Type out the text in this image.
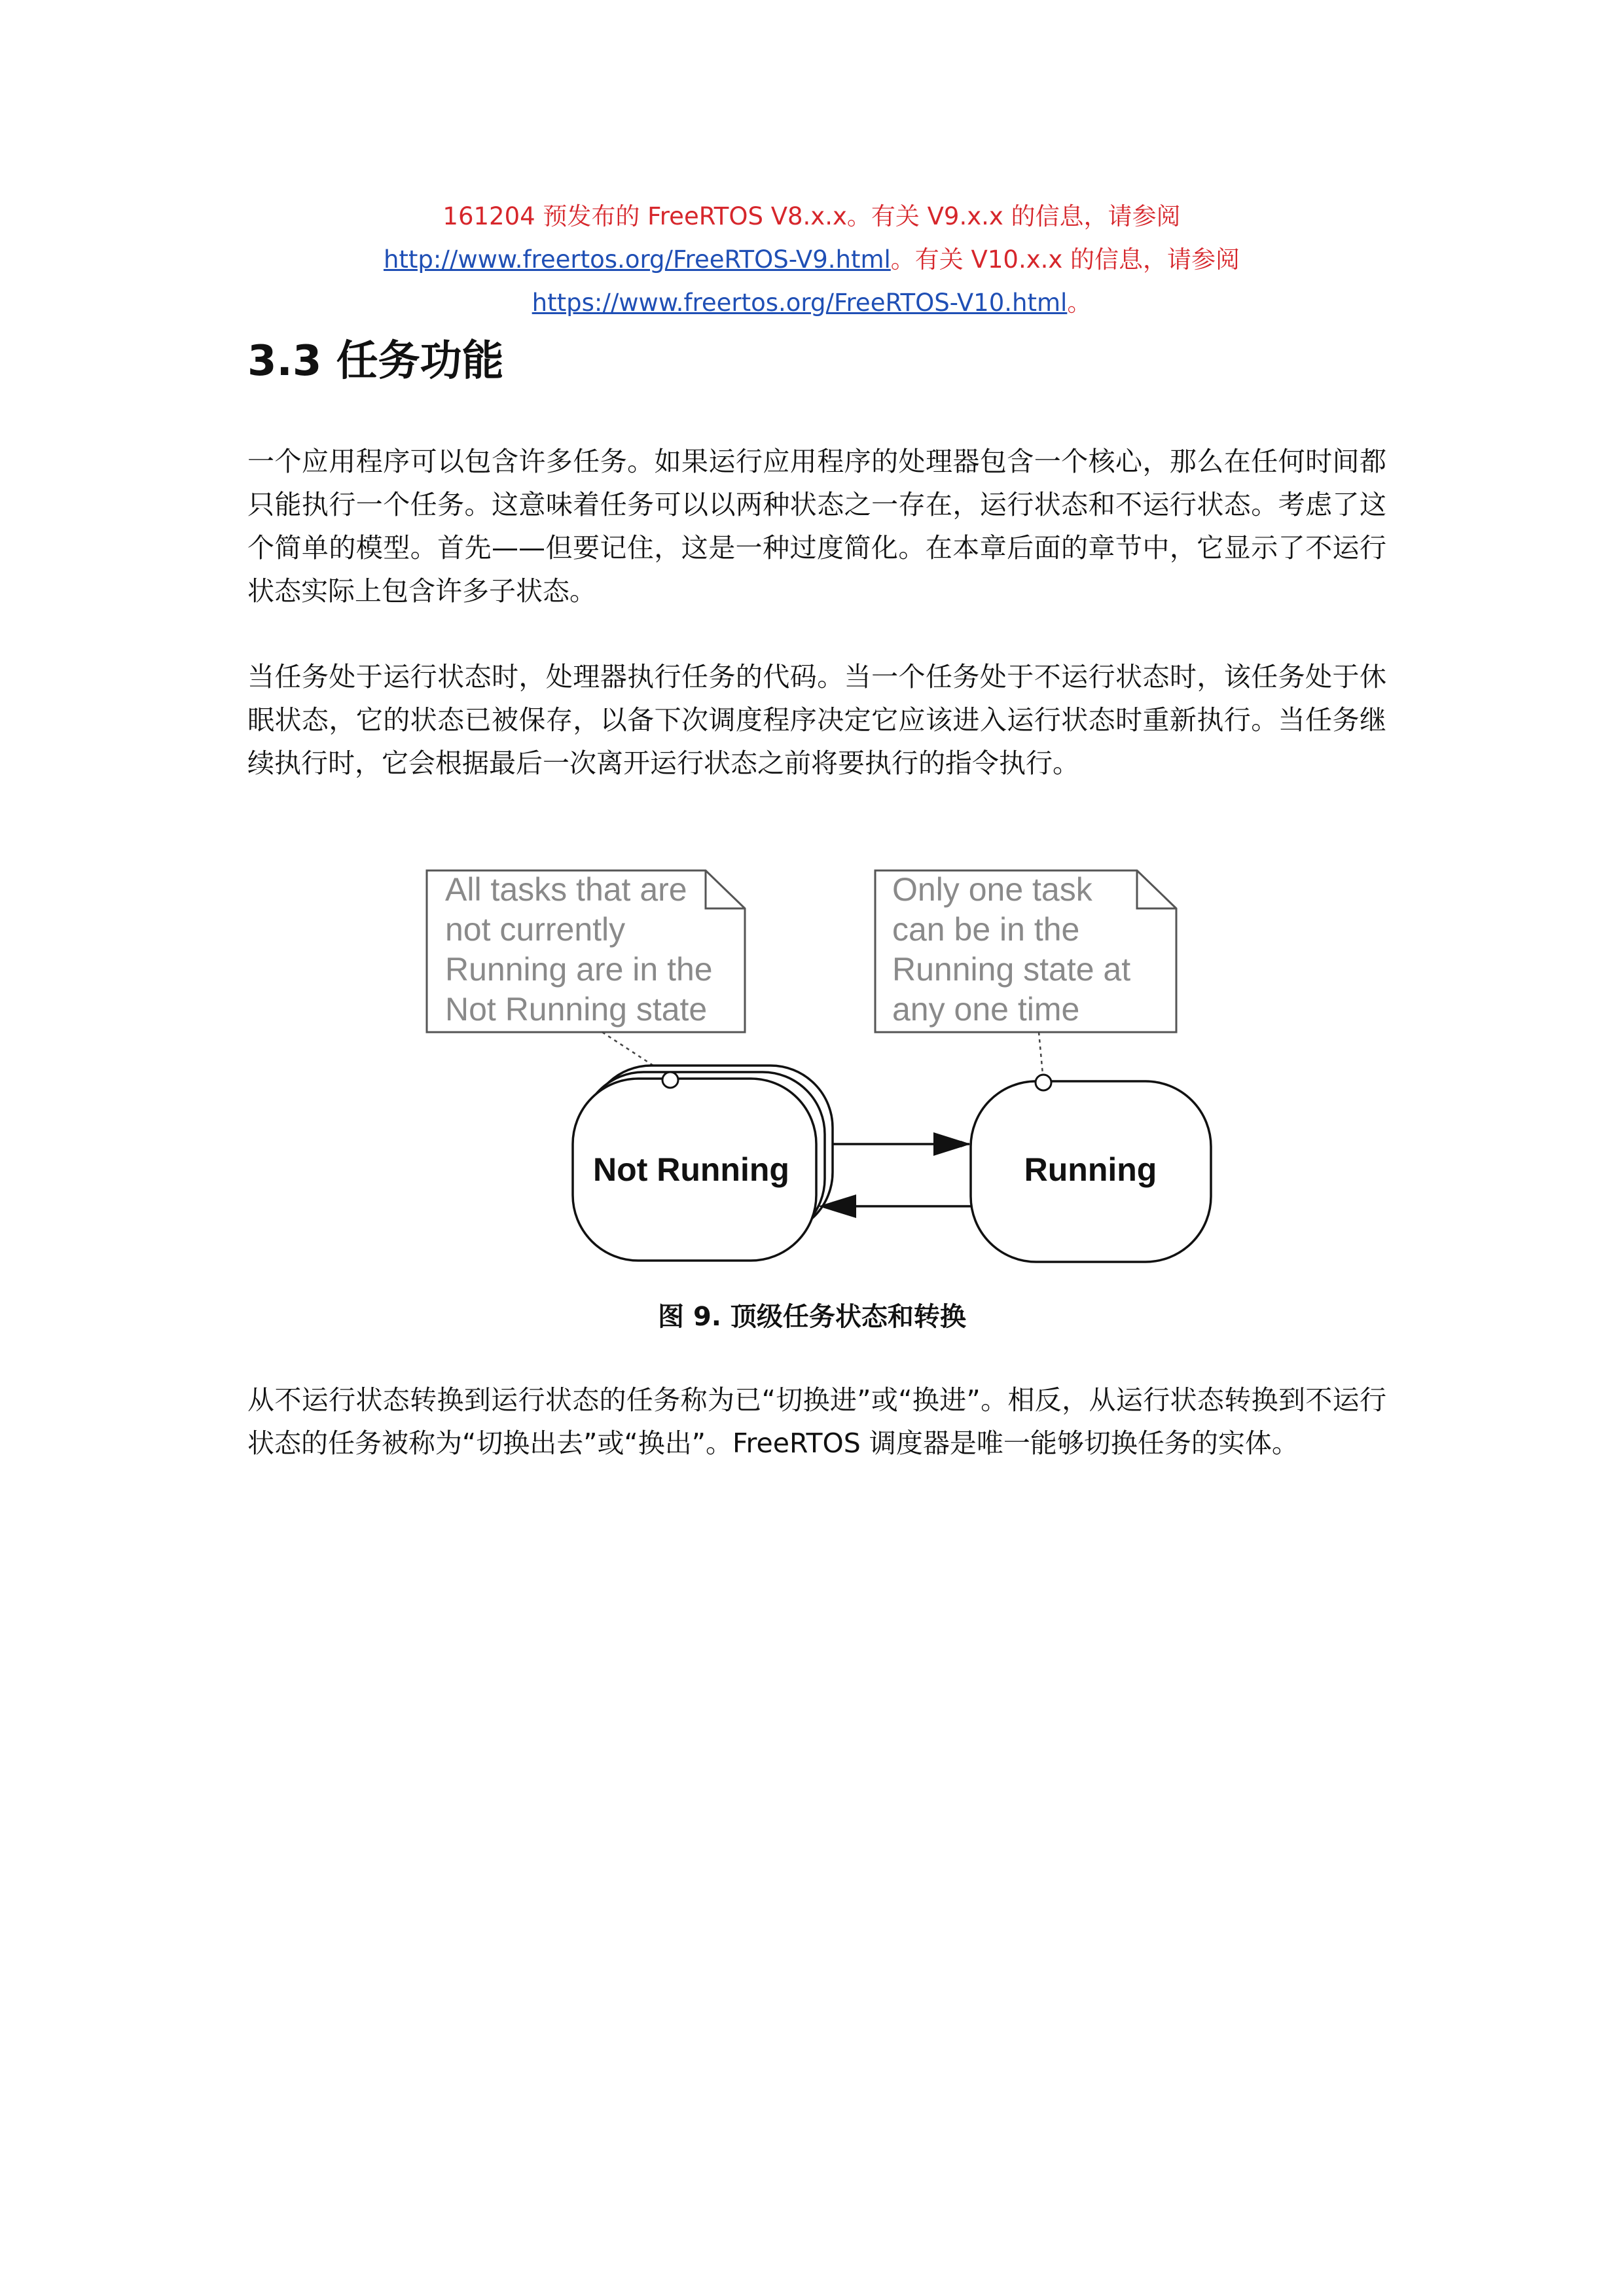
161204 预发布的 FreeRTOS V8.x.x。有关 V9.x.x 的信息，请参阅 http://www.freertos.org/FreeRTOS-V9.html。有关 V10.x.x 的信息，请参阅 https://www.freertos.org/FreeRTOS-V10.html。
3.3 任务功能

一个应用程序可以包含许多任务。如果运行应用程序的处理器包含一个核心，那么在任何时间都只能执行一个任务。这意味着任务可以以两种状态之一存在，运行状态和不运行状态。考虑了这个简单的模型。首先——但要记住，这是一种过度简化。在本章后面的章节中，它显示了不运行状态实际上包含许多子状态。

当任务处于运行状态时，处理器执行任务的代码。当一个任务处于不运行状态时，该任务处于休眠状态，它的状态已被保存，以备下次调度程序决定它应该进入运行状态时重新执行。当任务继续执行时，它会根据最后一次离开运行状态之前将要执行的指令执行。

All tasks that are
not currently
Running are in the
Not Running state
Only one task
can be in the
Running state at
any one time
Not Running	Running
图 9. 顶级任务状态和转换

从不运行状态转换到运行状态的任务称为已“切换进”或“换进”。相反，从运行状态转换到不运行状态的任务被称为“切换出去”或“换出”。FreeRTOS 调度器是唯一能够切换任务的实体。
